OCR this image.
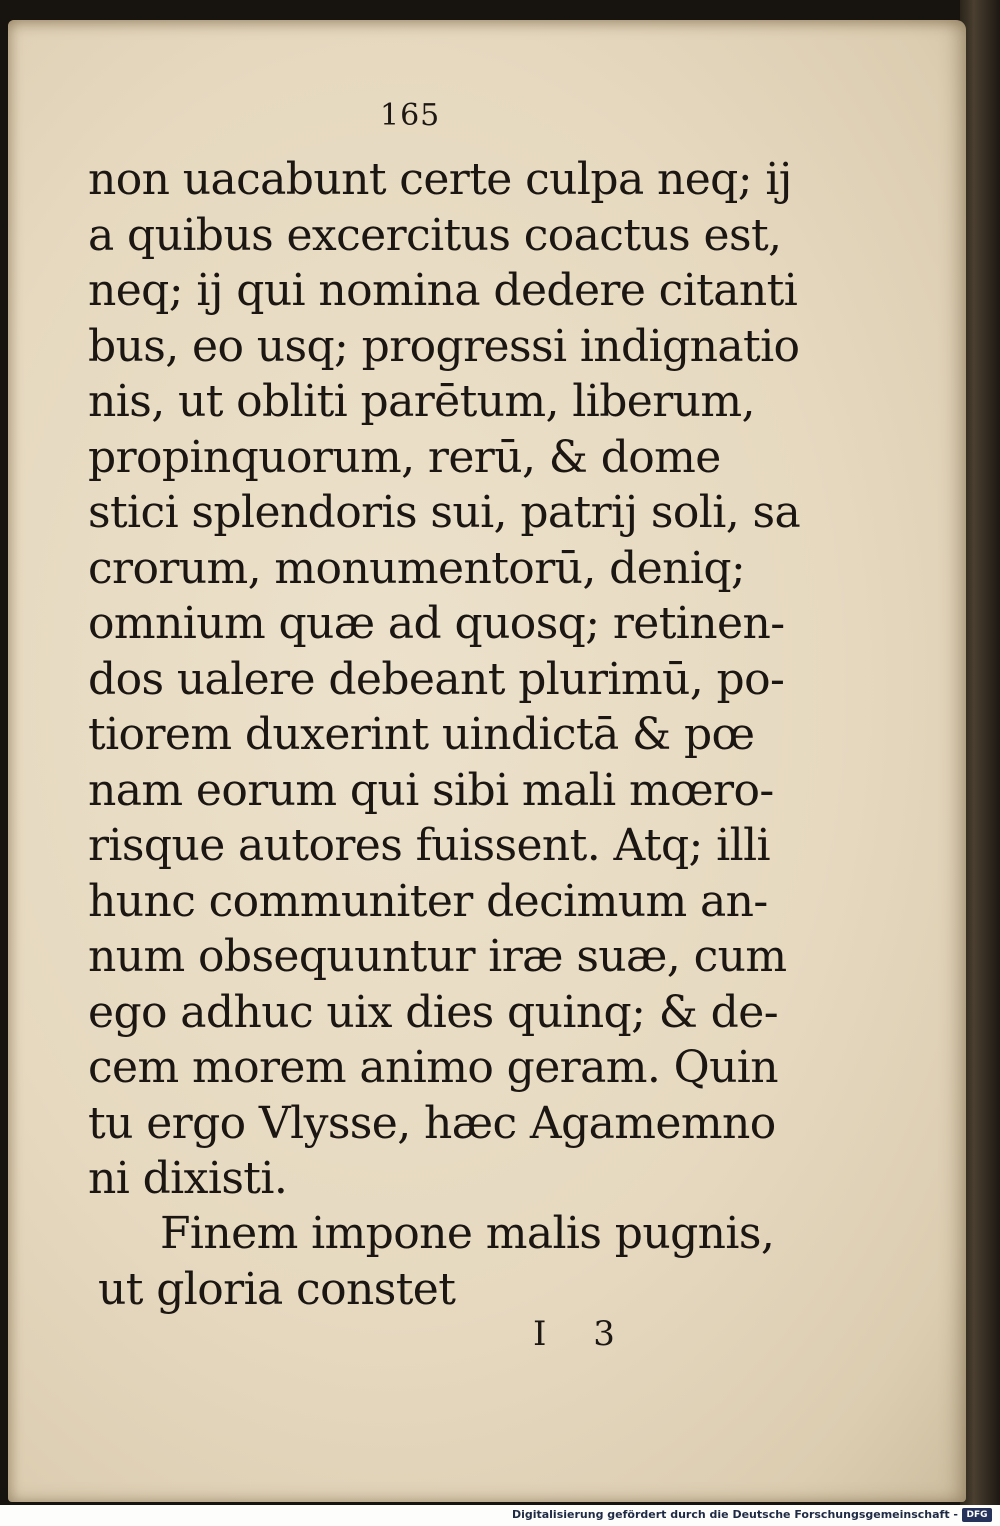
165
non uacabunt certe culpa neq; ij
a quibus excercitus coactus est,
neq; ij qui nomina dedere citanti
bus, eo usq; progressi indignatio
nis, ut obliti parētum, liberum,
propinquorum, rerū, & dome
stici splendoris sui, patrij soli, sa
crorum, monumentorū, deniq;
omnium quæ ad quosq; retinen-
dos ualere debeant plurimū, po-
tiorem duxerint uindictā & pœ
nam eorum qui sibi mali mœro-
risque autores fuissent. Atq; illi
hunc communiter decimum an-
num obsequuntur iræ suæ, cum
ego adhuc uix dies quinq; & de-
cem morem animo geram. Quin
tu ergo Vlysse, hæc Agamemno
ni dixisti.
Finem impone malis pugnis,
ut gloria constet
I 3
Digitalisierung gefördert durch die Deutsche Forschungsgemeinschaft - DFG
